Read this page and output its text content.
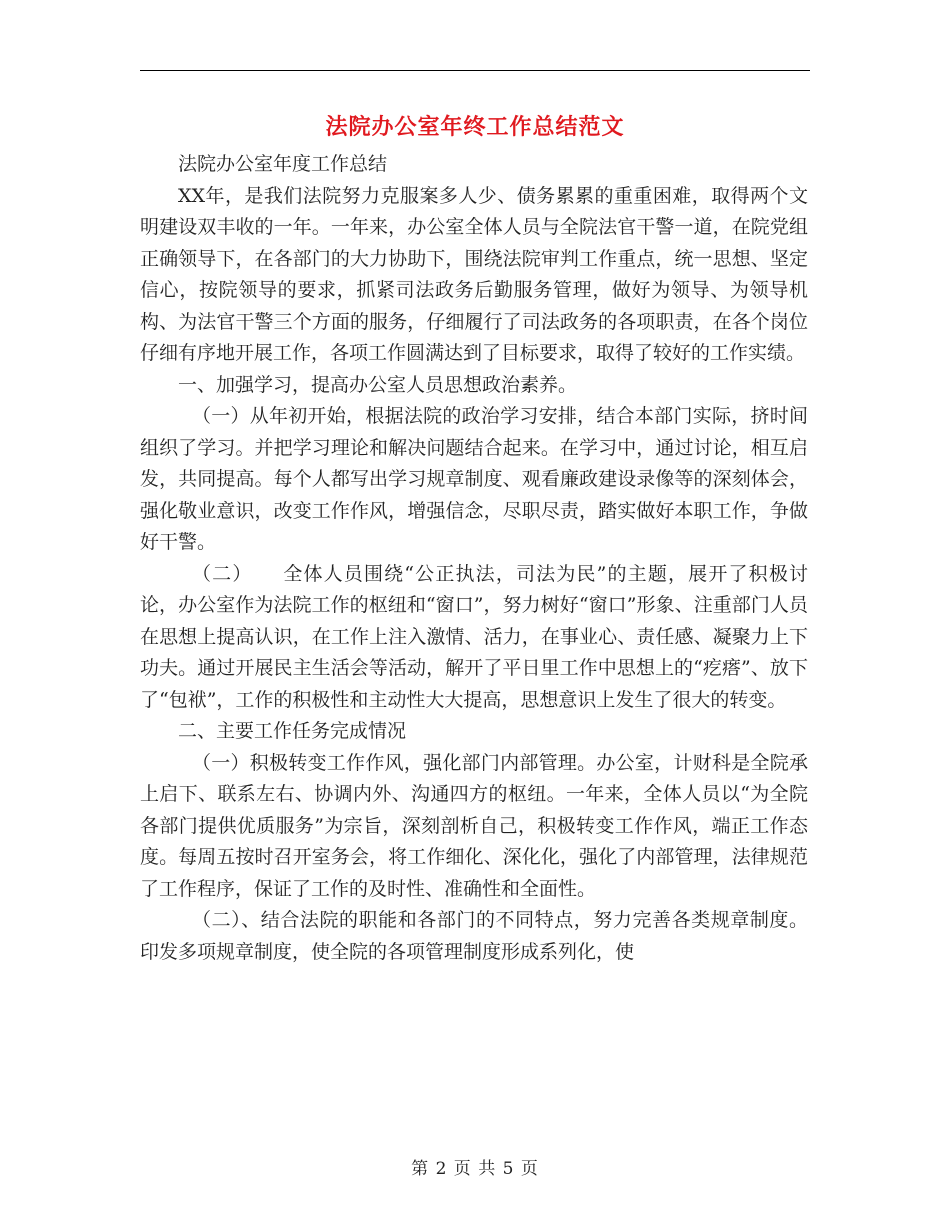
法院办公室年终工作总结范文

法院办公室年度工作总结

XX年，是我们法院努力克服案多人少、债务累累的重重困难，取得两个文明建设双丰收的一年。一年来，办公室全体人员与全院法官干警一道，在院党组正确领导下，在各部门的大力协助下，围绕法院审判工作重点，统一思想、坚定信心，按院领导的要求，抓紧司法政务后勤服务管理，做好为领导、为领导机构、为法官干警三个方面的服务，仔细履行了司法政务的各项职责，在各个岗位仔细有序地开展工作，各项工作圆满达到了目标要求，取得了较好的工作实绩。

一、加强学习，提高办公室人员思想政治素养。

（一）从年初开始，根据法院的政治学习安排，结合本部门实际，挤时间组织了学习。并把学习理论和解决问题结合起来。在学习中，通过讨论，相互启发，共同提高。每个人都写出学习规章制度、观看廉政建设录像等的深刻体会，强化敬业意识，改变工作作风，增强信念，尽职尽责，踏实做好本职工作，争做好干警。

（二）　　全体人员围绕“公正执法，司法为民”的主题，展开了积极讨论，办公室作为法院工作的枢纽和“窗口”，努力树好“窗口”形象、注重部门人员在思想上提高认识，在工作上注入激情、活力，在事业心、责任感、凝聚力上下功夫。通过开展民主生活会等活动，解开了平日里工作中思想上的“疙瘩”、放下了“包袱”，工作的积极性和主动性大大提高，思想意识上发生了很大的转变。

二、主要工作任务完成情况

（一）积极转变工作作风，强化部门内部管理。办公室，计财科是全院承上启下、联系左右、协调内外、沟通四方的枢纽。一年来，全体人员以“为全院各部门提供优质服务”为宗旨，深刻剖析自己，积极转变工作作风，端正工作态度。每周五按时召开室务会，将工作细化、深化化，强化了内部管理，法律规范了工作程序，保证了工作的及时性、准确性和全面性。

（二）、结合法院的职能和各部门的不同特点，努力完善各类规章制度。印发多项规章制度，使全院的各项管理制度形成系列化，使

第 2 页 共 5 页
